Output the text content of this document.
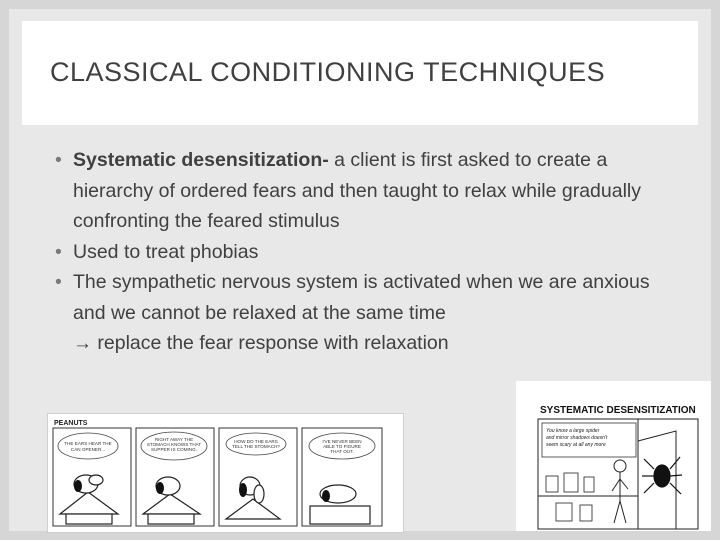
CLASSICAL CONDITIONING TECHNIQUES
• Systematic desensitization- a client is first asked to create a hierarchy of ordered fears and then taught to relax while gradually confronting the feared stimulus
• Used to treat phobias
• The sympathetic nervous system is activated when we are anxious and we cannot be relaxed at the same time
→ replace the fear response with relaxation
PEANUTS
THE EARS HEAR THE
CAN OPENER...
RIGHT AWAY THE
STOMACH KNOWS THAT
SUPPER IS COMING.
HOW DO THE EARS
TELL THE STOMACH?
I'VE NEVER BEEN
ABLE TO FIGURE
THAT OUT.
SYSTEMATIC DESENSITIZATION
You know a large spider
and mirror shadows doesn't
seem scary at all any more
